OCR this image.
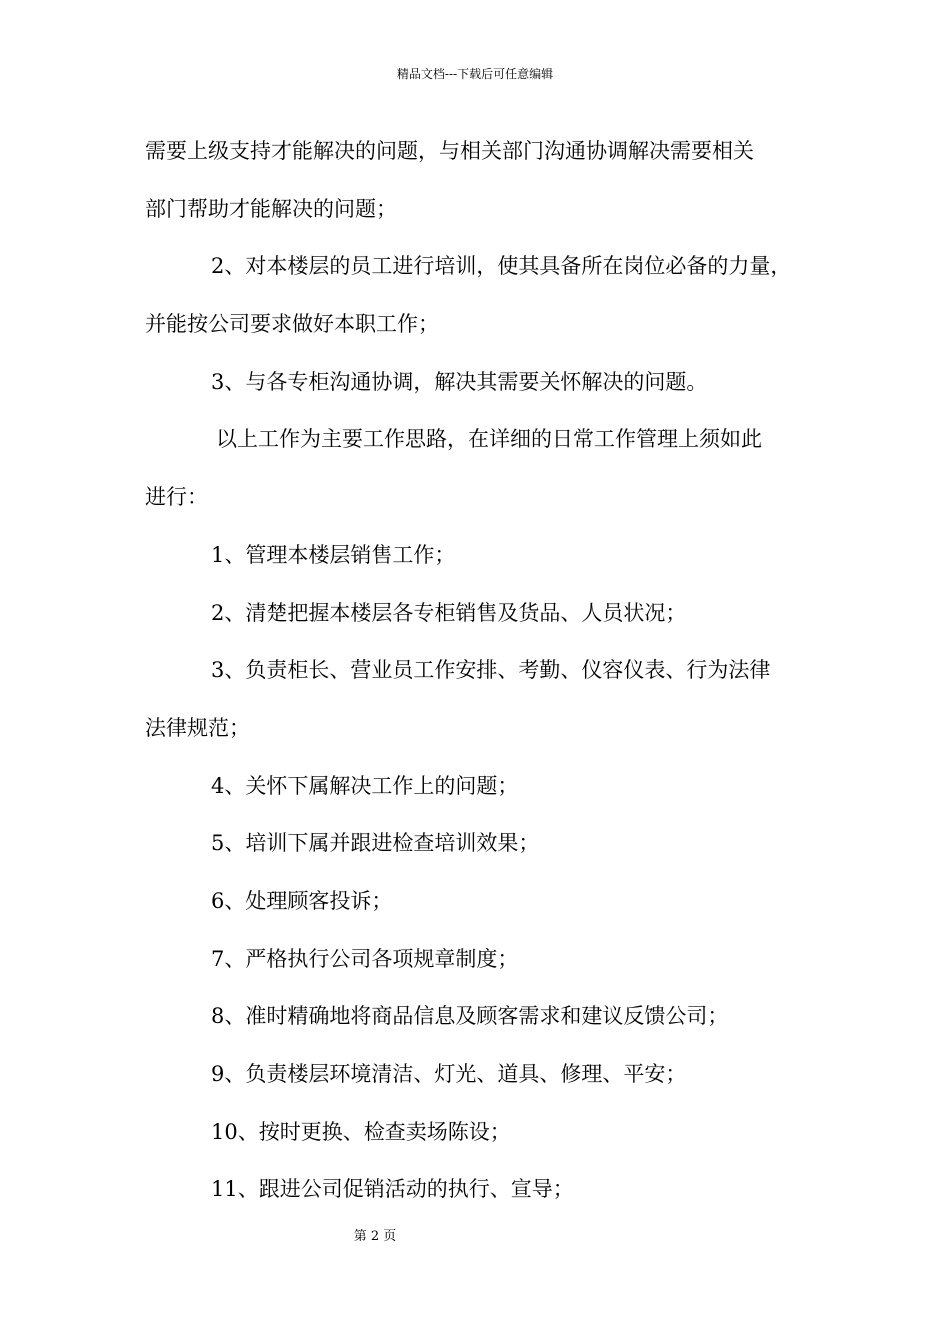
精品文档---下载后可任意编辑
需要上级支持才能解决的问题，与相关部门沟通协调解决需要相关
部门帮助才能解决的问题；
2、对本楼层的员工进行培训，使其具备所在岗位必备的力量，
并能按公司要求做好本职工作；
3、与各专柜沟通协调，解决其需要关怀解决的问题。
以上工作为主要工作思路，在详细的日常工作管理上须如此
进行：
1、管理本楼层销售工作；
2、清楚把握本楼层各专柜销售及货品、人员状况；
3、负责柜长、营业员工作安排、考勤、仪容仪表、行为法律
法律规范；
4、关怀下属解决工作上的问题；
5、培训下属并跟进检查培训效果；
6、处理顾客投诉；
7、严格执行公司各项规章制度；
8、准时精确地将商品信息及顾客需求和建议反馈公司；
9、负责楼层环境清洁、灯光、道具、修理、平安；
10、按时更换、检查卖场陈设；
11、跟进公司促销活动的执行、宣导；
第 2 页
